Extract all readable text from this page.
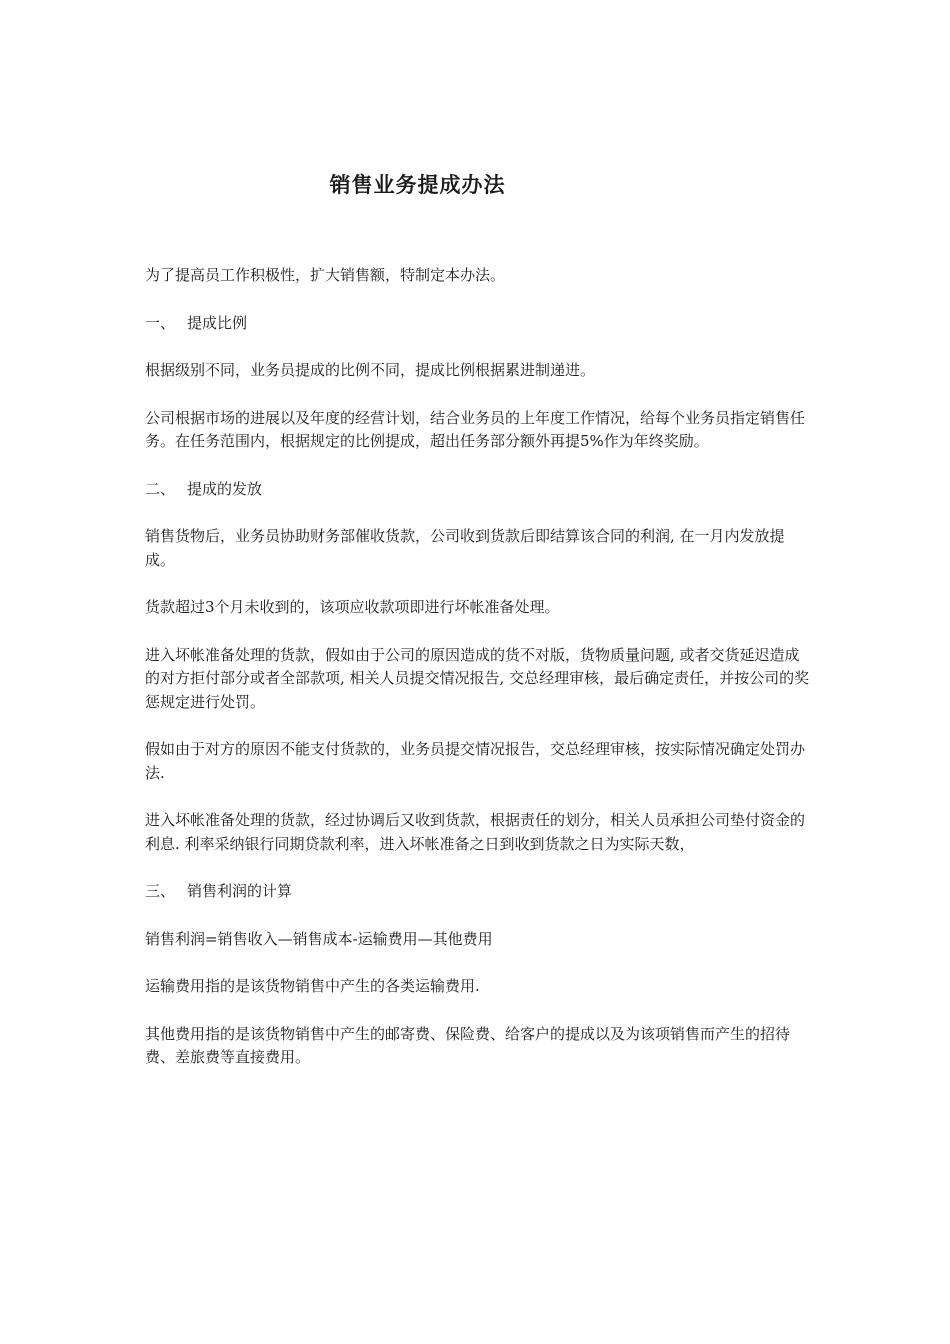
销售业务提成办法

为了提高员工作积极性，扩大销售额，特制定本办法。

一、 提成比例

根据级别不同，业务员提成的比例不同，提成比例根据累进制递进。

公司根据市场的进展以及年度的经营计划，结合业务员的上年度工作情况，给每个业务员指定销售任务。在任务范围内，根据规定的比例提成，超出任务部分额外再提5%作为年终奖励。

二、 提成的发放

销售货物后，业务员协助财务部催收货款，公司收到货款后即结算该合同的利润, 在一月内发放提成。

货款超过3个月未收到的，该项应收款项即进行坏帐准备处理。

进入坏帐准备处理的货款，假如由于公司的原因造成的货不对版，货物质量问题, 或者交货延迟造成的对方拒付部分或者全部款项, 相关人员提交情况报告, 交总经理审核，最后确定责任，并按公司的奖惩规定进行处罚。

假如由于对方的原因不能支付货款的，业务员提交情况报告，交总经理审核，按实际情况确定处罚办法.

进入坏帐准备处理的货款，经过协调后又收到货款，根据责任的划分，相关人员承担公司垫付资金的利息. 利率采纳银行同期贷款利率，进入坏帐准备之日到收到货款之日为实际天数，

三、 销售利润的计算

销售利润=销售收入—销售成本-运输费用—其他费用

运输费用指的是该货物销售中产生的各类运输费用.

其他费用指的是该货物销售中产生的邮寄费、保险费、给客户的提成以及为该项销售而产生的招待费、差旅费等直接费用。
